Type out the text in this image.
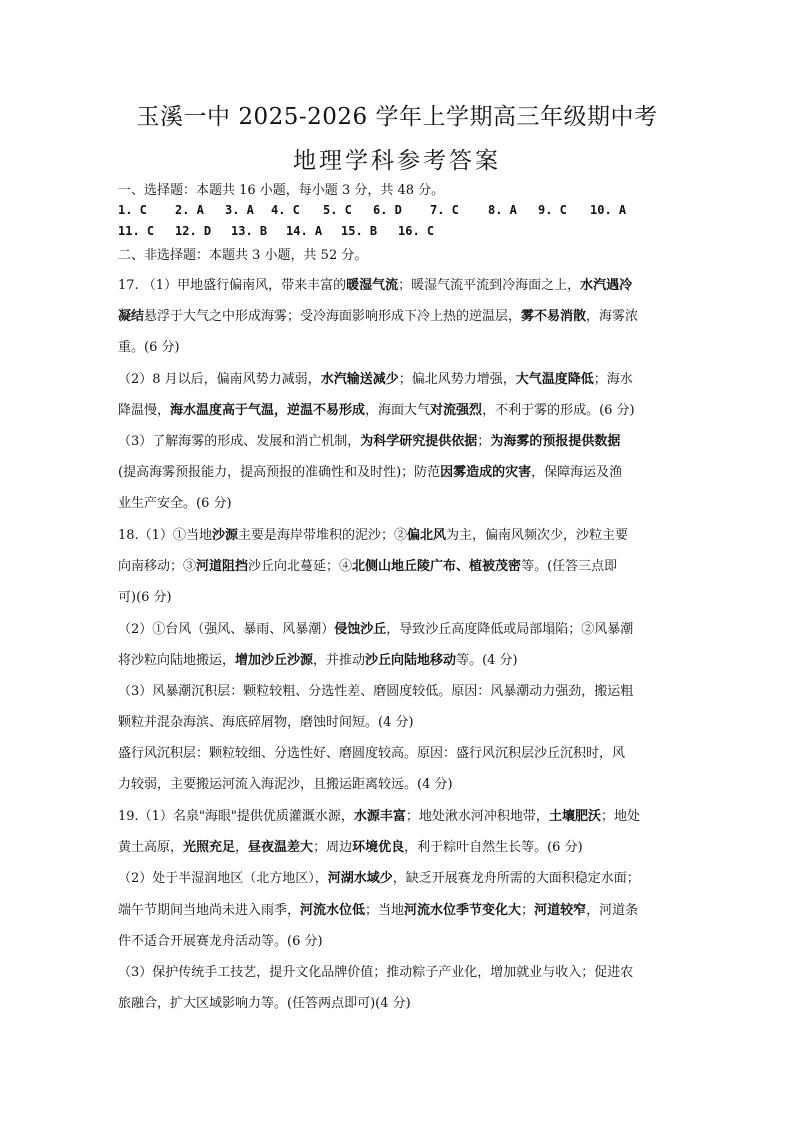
玉溪一中 2025-2026 学年上学期高三年级期中考
地理学科参考答案
一、选择题：本题共 16 小题，每小题 3 分，共 48 分。
1. C 2. A 3. A 4. C 5. C 6. D 7. C 8. A 9. C 10. A
11. C 12. D 13. B 14. A 15. B 16. C
二、非选择题：本题共 3 小题，共 52 分。
17. （1）甲地盛行偏南风，带来丰富的暖湿气流；暖湿气流平流到冷海面之上，水汽遇冷
凝结悬浮于大气之中形成海雾；受冷海面影响形成下冷上热的逆温层，雾不易消散，海雾浓
重。(6 分)
（2）8 月以后，偏南风势力减弱，水汽输送减少；偏北风势力增强，大气温度降低；海水
降温慢，海水温度高于气温，逆温不易形成，海面大气对流强烈，不利于雾的形成。(6 分)
（3）了解海雾的形成、发展和消亡机制，为科学研究提供依据；为海雾的预报提供数据
(提高海雾预报能力，提高预报的准确性和及时性)；防范因雾造成的灾害，保障海运及渔
业生产安全。(6 分)
18.（1）①当地沙源主要是海岸带堆积的泥沙；②偏北风为主，偏南风频次少，沙粒主要
向南移动；③河道阻挡沙丘向北蔓延；④北侧山地丘陵广布、植被茂密等。(任答三点即
可)(6 分)
（2）①台风（强风、暴雨、风暴潮）侵蚀沙丘，导致沙丘高度降低或局部塌陷；②风暴潮
将沙粒向陆地搬运，增加沙丘沙源，并推动沙丘向陆地移动等。(4 分)
（3）风暴潮沉积层：颗粒较粗、分选性差、磨圆度较低。原因：风暴潮动力强劲，搬运粗
颗粒并混杂海滨、海底碎屑物，磨蚀时间短。(4 分)
盛行风沉积层：颗粒较细、分选性好、磨圆度较高。原因：盛行风沉积层沙丘沉积时，风
力较弱，主要搬运河流入海泥沙，且搬运距离较远。(4 分)
19.（1）名泉"海眼"提供优质灌溉水源，水源丰富；地处湫水河冲积地带，土壤肥沃；地处
黄土高原，光照充足，昼夜温差大；周边环境优良，利于粽叶自然生长等。(6 分)
（2）处于半湿润地区（北方地区），河湖水域少，缺乏开展赛龙舟所需的大面积稳定水面；
端午节期间当地尚未进入雨季，河流水位低；当地河流水位季节变化大；河道较窄，河道条
件不适合开展赛龙舟活动等。(6 分)
（3）保护传统手工技艺，提升文化品牌价值；推动粽子产业化，增加就业与收入；促进农
旅融合，扩大区域影响力等。(任答两点即可)(4 分)
